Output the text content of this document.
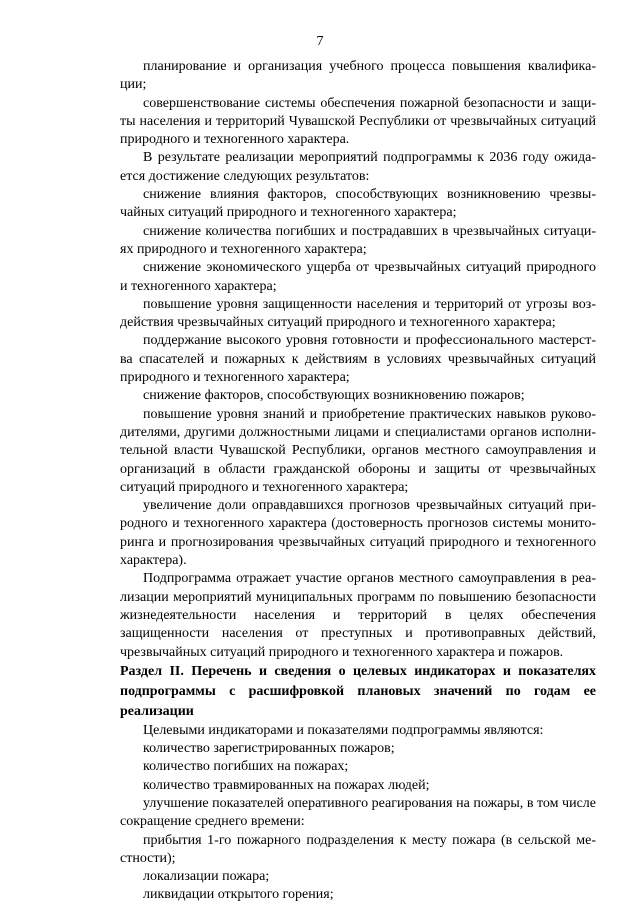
7

планирование и организация учебного процесса повышения квалификации;

совершенствование системы обеспечения пожарной безопасности и защиты населения и территорий Чувашской Республики от чрезвычайных ситуаций природного и техногенного характера.

В результате реализации мероприятий подпрограммы к 2036 году ожидается достижение следующих результатов:

снижение влияния факторов, способствующих возникновению чрезвычайных ситуаций природного и техногенного характера;

снижение количества погибших и пострадавших в чрезвычайных ситуациях природного и техногенного характера;

снижение экономического ущерба от чрезвычайных ситуаций природного и техногенного характера;

повышение уровня защищенности населения и территорий от угрозы воздействия чрезвычайных ситуаций природного и техногенного характера;

поддержание высокого уровня готовности и профессионального мастерства спасателей и пожарных к действиям в условиях чрезвычайных ситуаций природного и техногенного характера;

снижение факторов, способствующих возникновению пожаров;

повышение уровня знаний и приобретение практических навыков руководителями, другими должностными лицами и специалистами органов исполнительной власти Чувашской Республики, органов местного самоуправления и организаций в области гражданской обороны и защиты от чрезвычайных ситуаций природного и техногенного характера;

увеличение доли оправдавшихся прогнозов чрезвычайных ситуаций природного и техногенного характера (достоверность прогнозов системы мониторинга и прогнозирования чрезвычайных ситуаций природного и техногенного характера).

Подпрограмма отражает участие органов местного самоуправления в реализации мероприятий муниципальных программ по повышению безопасности жизнедеятельности населения и территорий в целях обеспечения защищенности населения от преступных и противоправных действий, чрезвычайных ситуаций природного и техногенного характера и пожаров.

Раздел II. Перечень и сведения о целевых индикаторах и показателях подпрограммы с расшифровкой плановых значений по годам ее реализации

Целевыми индикаторами и показателями подпрограммы являются:

количество зарегистрированных пожаров;

количество погибших на пожарах;

количество травмированных на пожарах людей;

улучшение показателей оперативного реагирования на пожары, в том числе сокращение среднего времени:

прибытия 1-го пожарного подразделения к месту пожара (в сельской местности);

локализации пожара;

ликвидации открытого горения;
